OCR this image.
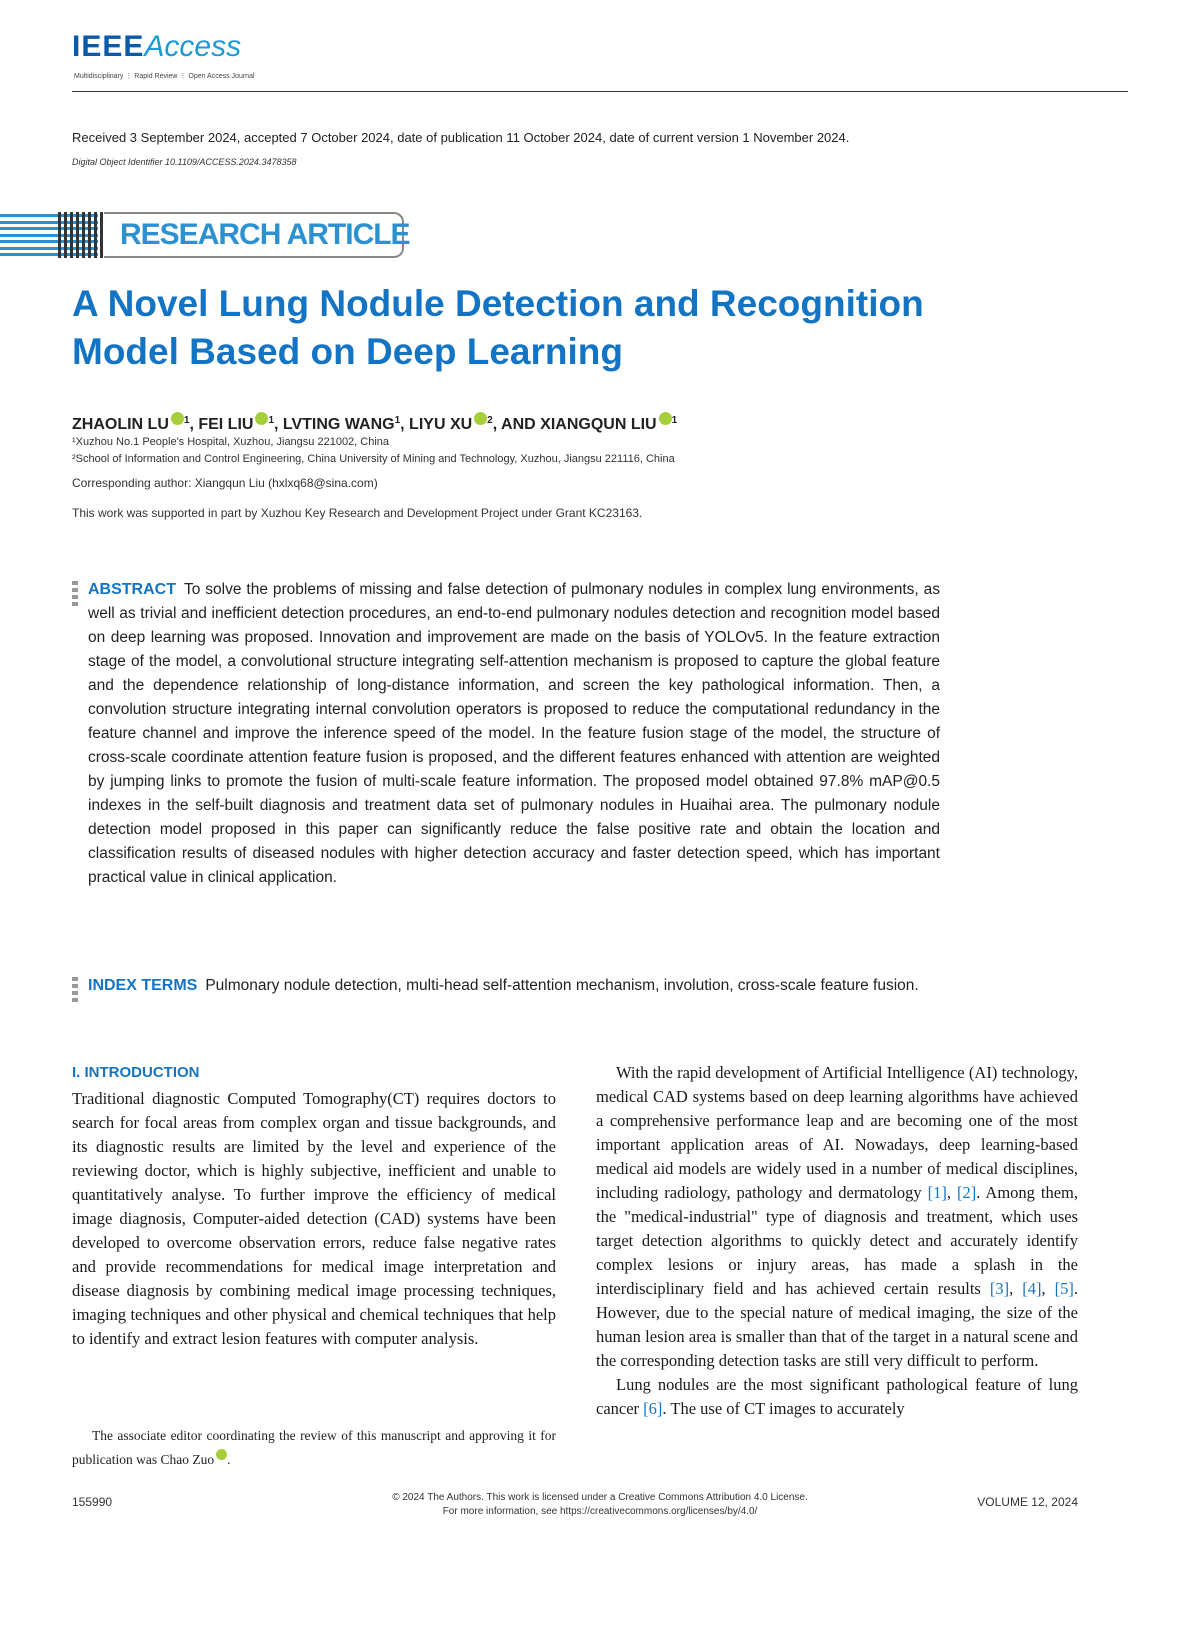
IEEEAccess
Multidisciplinary ⋮ Rapid Review ⋮ Open Access Journal
Received 3 September 2024, accepted 7 October 2024, date of publication 11 October 2024, date of current version 1 November 2024.
Digital Object Identifier 10.1109/ACCESS.2024.3478358
RESEARCH ARTICLE
A Novel Lung Nodule Detection and Recognition Model Based on Deep Learning
ZHAOLIN LU $^1$, FEI LIU $^1$, LVTING WANG$^1$, LIYU XU $^2$, AND XIANGQUN LIU $^1$
¹Xuzhou No.1 People's Hospital, Xuzhou, Jiangsu 221002, China
²School of Information and Control Engineering, China University of Mining and Technology, Xuzhou, Jiangsu 221116, China
Corresponding author: Xiangqun Liu (hxlxq68@sina.com)
This work was supported in part by Xuzhou Key Research and Development Project under Grant KC23163.
ABSTRACT To solve the problems of missing and false detection of pulmonary nodules in complex lung environments, as well as trivial and inefficient detection procedures, an end-to-end pulmonary nodules detection and recognition model based on deep learning was proposed. Innovation and improvement are made on the basis of YOLOv5. In the feature extraction stage of the model, a convolutional structure integrating self-attention mechanism is proposed to capture the global feature and the dependence relationship of long-distance information, and screen the key pathological information. Then, a convolution structure integrating internal convolution operators is proposed to reduce the computational redundancy in the feature channel and improve the inference speed of the model. In the feature fusion stage of the model, the structure of cross-scale coordinate attention feature fusion is proposed, and the different features enhanced with attention are weighted by jumping links to promote the fusion of multi-scale feature information. The proposed model obtained 97.8% mAP@0.5 indexes in the self-built diagnosis and treatment data set of pulmonary nodules in Huaihai area. The pulmonary nodule detection model proposed in this paper can significantly reduce the false positive rate and obtain the location and classification results of diseased nodules with higher detection accuracy and faster detection speed, which has important practical value in clinical application.
INDEX TERMS Pulmonary nodule detection, multi-head self-attention mechanism, involution, cross-scale feature fusion.

I. INTRODUCTION

Traditional diagnostic Computed Tomography(CT) requires doctors to search for focal areas from complex organ and tissue backgrounds, and its diagnostic results are limited by the level and experience of the reviewing doctor, which is highly subjective, inefficient and unable to quantitatively analyse. To further improve the efficiency of medical image diagnosis, Computer-aided detection (CAD) systems have been developed to overcome observation errors, reduce false negative rates and provide recommendations for medical image interpretation and disease diagnosis by combining medical image processing techniques, imaging techniques and other physical and chemical techniques that help to identify and extract lesion features with computer analysis.

The associate editor coordinating the review of this manuscript and approving it for publication was Chao Zuo .

With the rapid development of Artificial Intelligence (AI) technology, medical CAD systems based on deep learning algorithms have achieved a comprehensive performance leap and are becoming one of the most important application areas of AI. Nowadays, deep learning-based medical aid models are widely used in a number of medical disciplines, including radiology, pathology and dermatology [1], [2]. Among them, the "medical-industrial" type of diagnosis and treatment, which uses target detection algorithms to quickly detect and accurately identify complex lesions or injury areas, has made a splash in the interdisciplinary field and has achieved certain results [3], [4], [5]. However, due to the special nature of medical imaging, the size of the human lesion area is smaller than that of the target in a natural scene and the corresponding detection tasks are still very difficult to perform.

Lung nodules are the most significant pathological feature of lung cancer [6]. The use of CT images to accurately

155990	© 2024 The Authors. This work is licensed under a Creative Commons Attribution 4.0 License.
For more information, see https://creativecommons.org/licenses/by/4.0/
VOLUME 12, 2024
